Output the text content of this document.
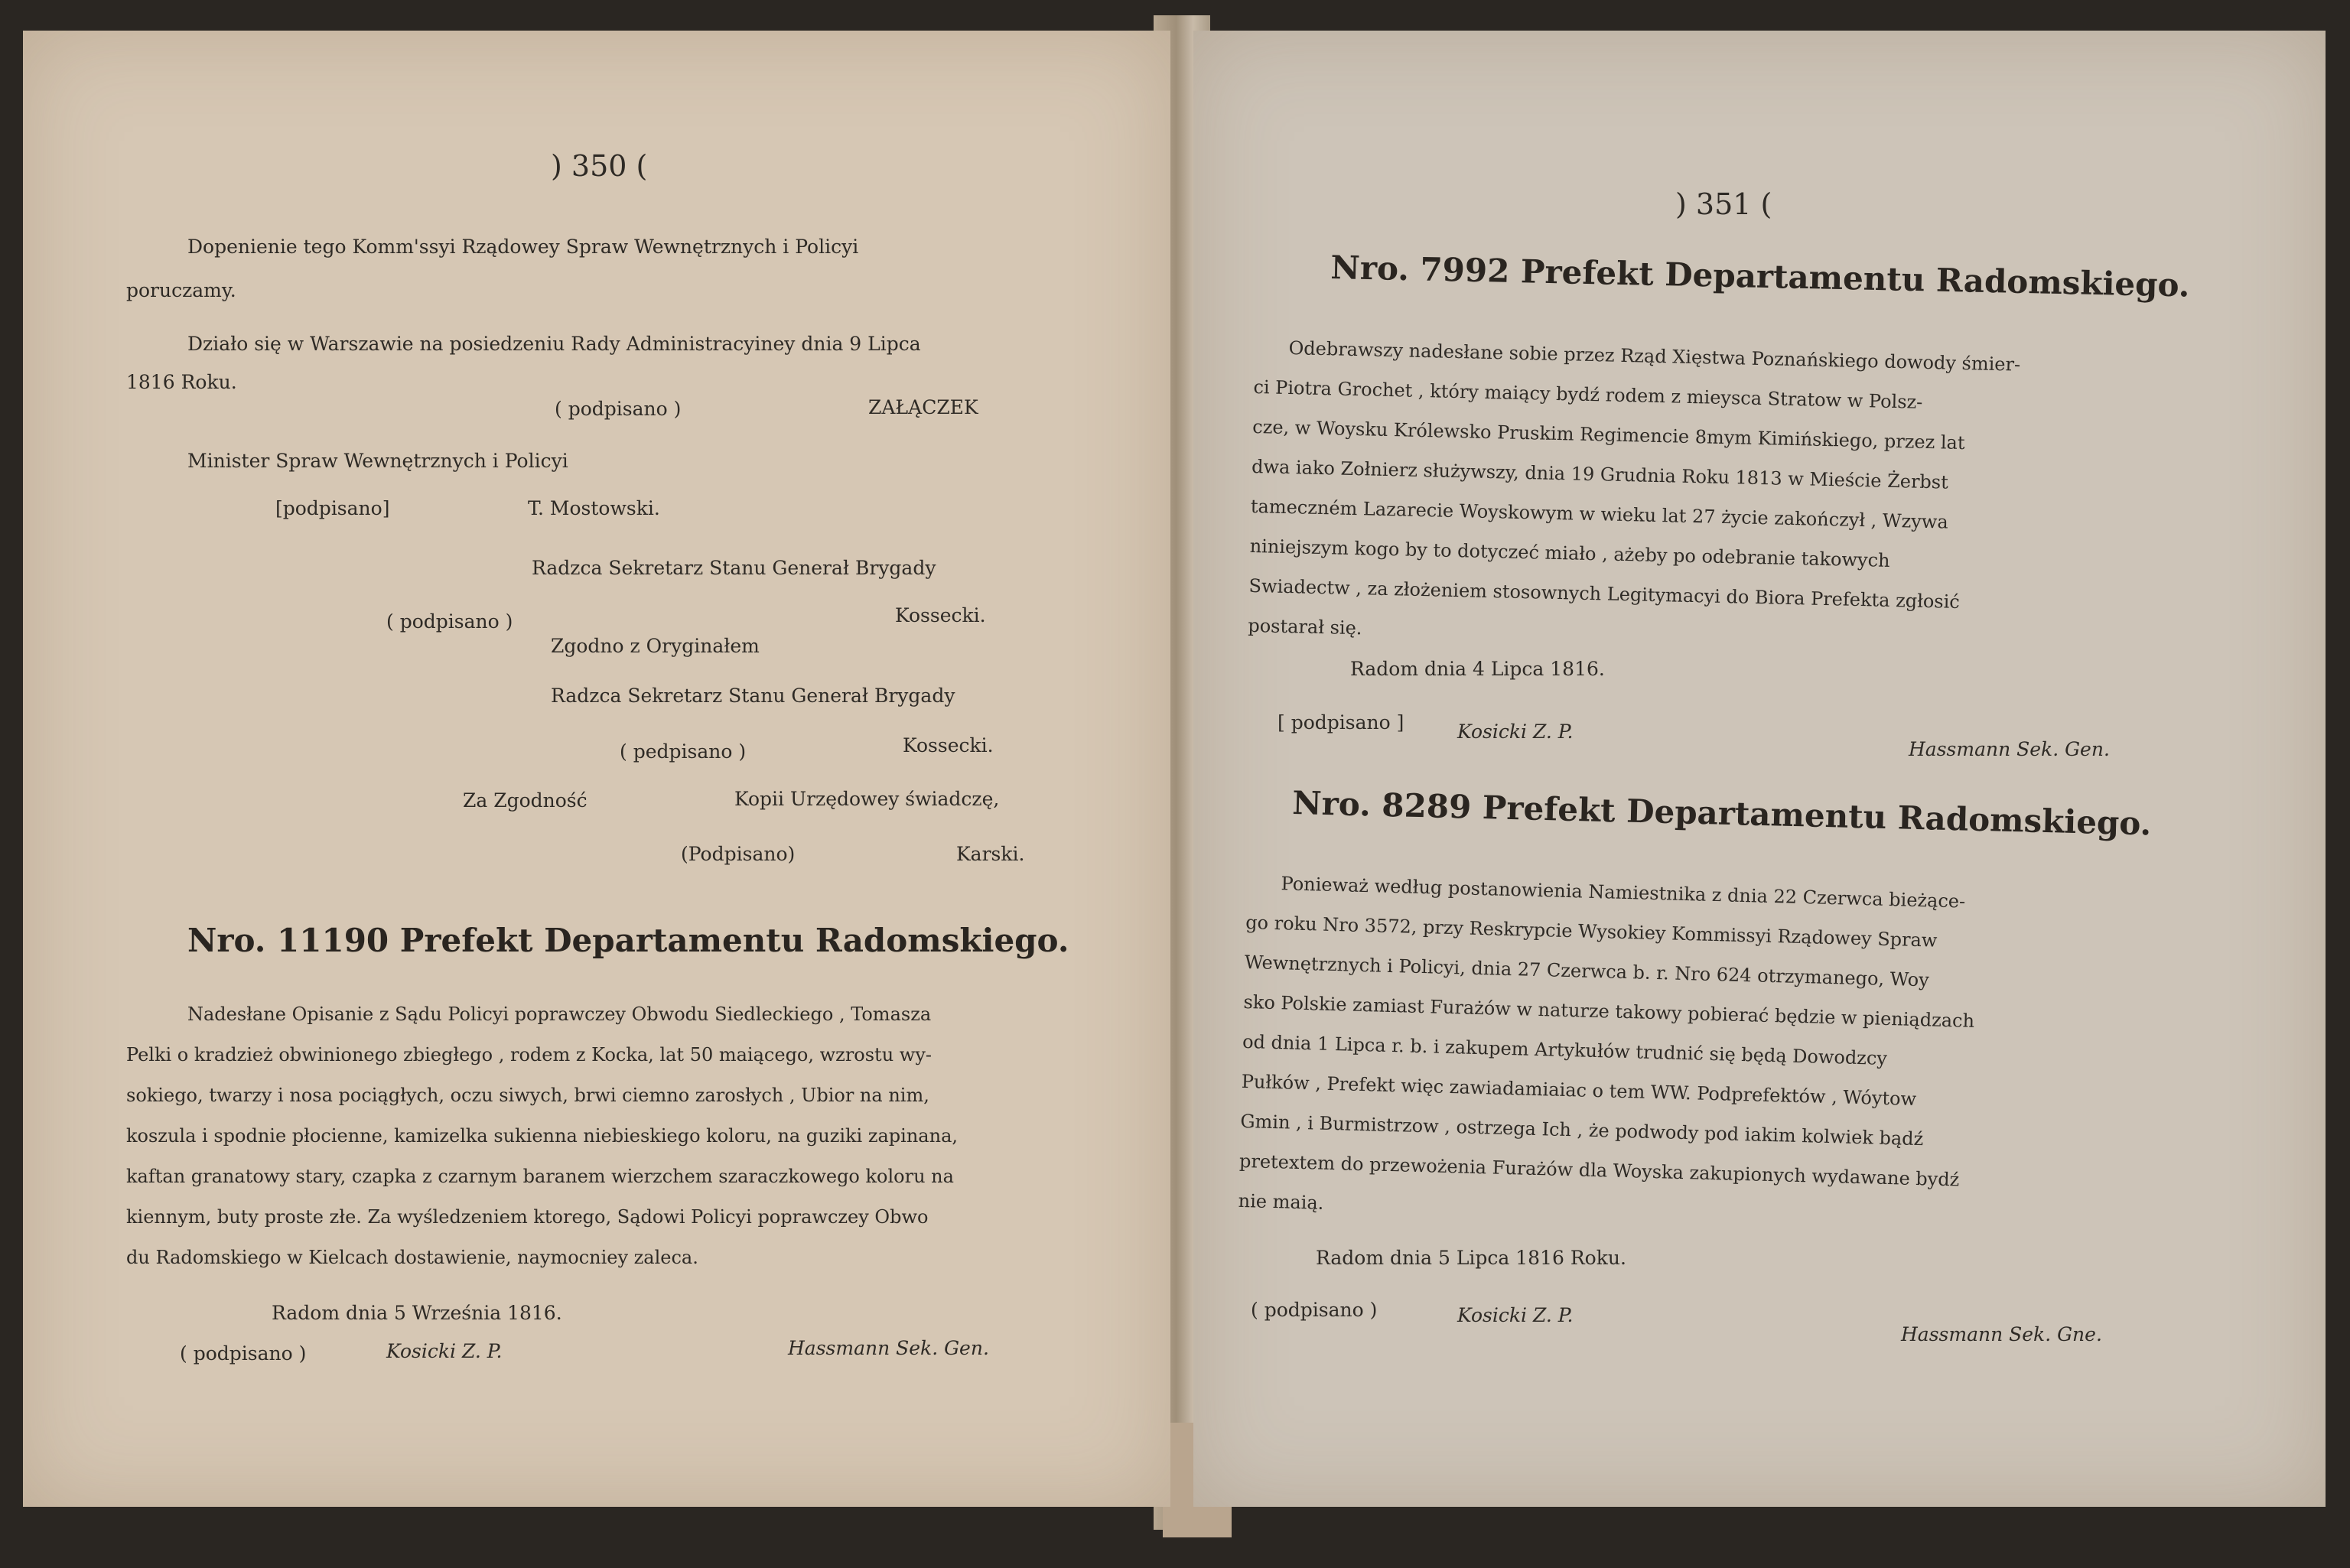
) 350 (
Dopenienie tego Komm'ssyi Rządowey Spraw Wewnętrznych i Policyi
poruczamy.
Działo się w Warszawie na posiedzeniu Rady Administracyiney dnia 9 Lipca
1816 Roku.
( podpisano )	ZAŁĄCZEK
Minister Spraw Wewnętrznych i Policyi
[podpisano]	T. Mostowski.
Radzca Sekretarz Stanu Generał Brygady
( podpisano )	Kossecki.
Zgodno z Oryginałem
Radzca Sekretarz Stanu Generał Brygady
( pedpisano )	Kossecki.
Za Zgodność	Kopii Urzędowey świadczę,
(Podpisano)	Karski.
Nro. 11190 Prefekt Departamentu Radomskiego.
Nadesłane Opisanie z Sądu Policyi poprawczey Obwodu Siedleckiego , Tomasza
Pelki o kradzież obwinionego zbiegłego , rodem z Kocka, lat 50 maiącego, wzrostu wy-
sokiego, twarzy i nosa pociągłych, oczu siwych, brwi ciemno zarosłych , Ubior na nim,
koszula i spodnie płocienne, kamizelka sukienna niebieskiego koloru, na guziki zapinana,
kaftan granatowy stary, czapka z czarnym baranem wierzchem szaraczkowego koloru na
kiennym, buty proste złe. Za wyśledzeniem ktorego, Sądowi Policyi poprawczey Obwo
du Radomskiego w Kielcach dostawienie, naymocniey zaleca.
Radom dnia 5 Września 1816.
( podpisano )	Kosicki Z. P.	Hassmann Sek. Gen.
) 351 (
Nro. 7992 Prefekt Departamentu Radomskiego.
Odebrawszy nadesłane sobie przez Rząd Xięstwa Poznańskiego dowody śmier-
ci Piotra Grochet , który maiący bydź rodem z mieysca Stratow w Polsz-
cze, w Woysku Królewsko Pruskim Regimencie 8mym Kimińskiego, przez lat
dwa iako Zołnierz służywszy, dnia 19 Grudnia Roku 1813 w Mieście Żerbst
tameczném Lazarecie Woyskowym w wieku lat 27 życie zakończył , Wzywa
niniejszym kogo by to dotyczeć miało , ażeby po odebranie takowych
Swiadectw , za złożeniem stosownych Legitymacyi do Biora Prefekta zgłosić
postarał się.
Radom dnia 4 Lipca 1816.
[ podpisano ]	Kosicki Z. P.
Hassmann Sek. Gen.
Nro. 8289 Prefekt Departamentu Radomskiego.
Ponieważ według postanowienia Namiestnika z dnia 22 Czerwca bieżące-
go roku Nro 3572, przy Reskrypcie Wysokiey Kommissyi Rządowey Spraw
Wewnętrznych i Policyi, dnia 27 Czerwca b. r. Nro 624 otrzymanego, Woy
sko Polskie zamiast Furażów w naturze takowy pobierać będzie w pieniądzach
od dnia 1 Lipca r. b. i zakupem Artykułów trudnić się będą Dowodzcy
Pułków , Prefekt więc zawiadamiaiac o tem WW. Podprefektów , Wóytow
Gmin , i Burmistrzow , ostrzega Ich , że podwody pod iakim kolwiek bądź
pretextem do przewożenia Furażów dla Woyska zakupionych wydawane bydź
nie maią.
Radom dnia 5 Lipca 1816 Roku.
( podpisano )	Kosicki Z. P.
Hassmann Sek. Gne.
